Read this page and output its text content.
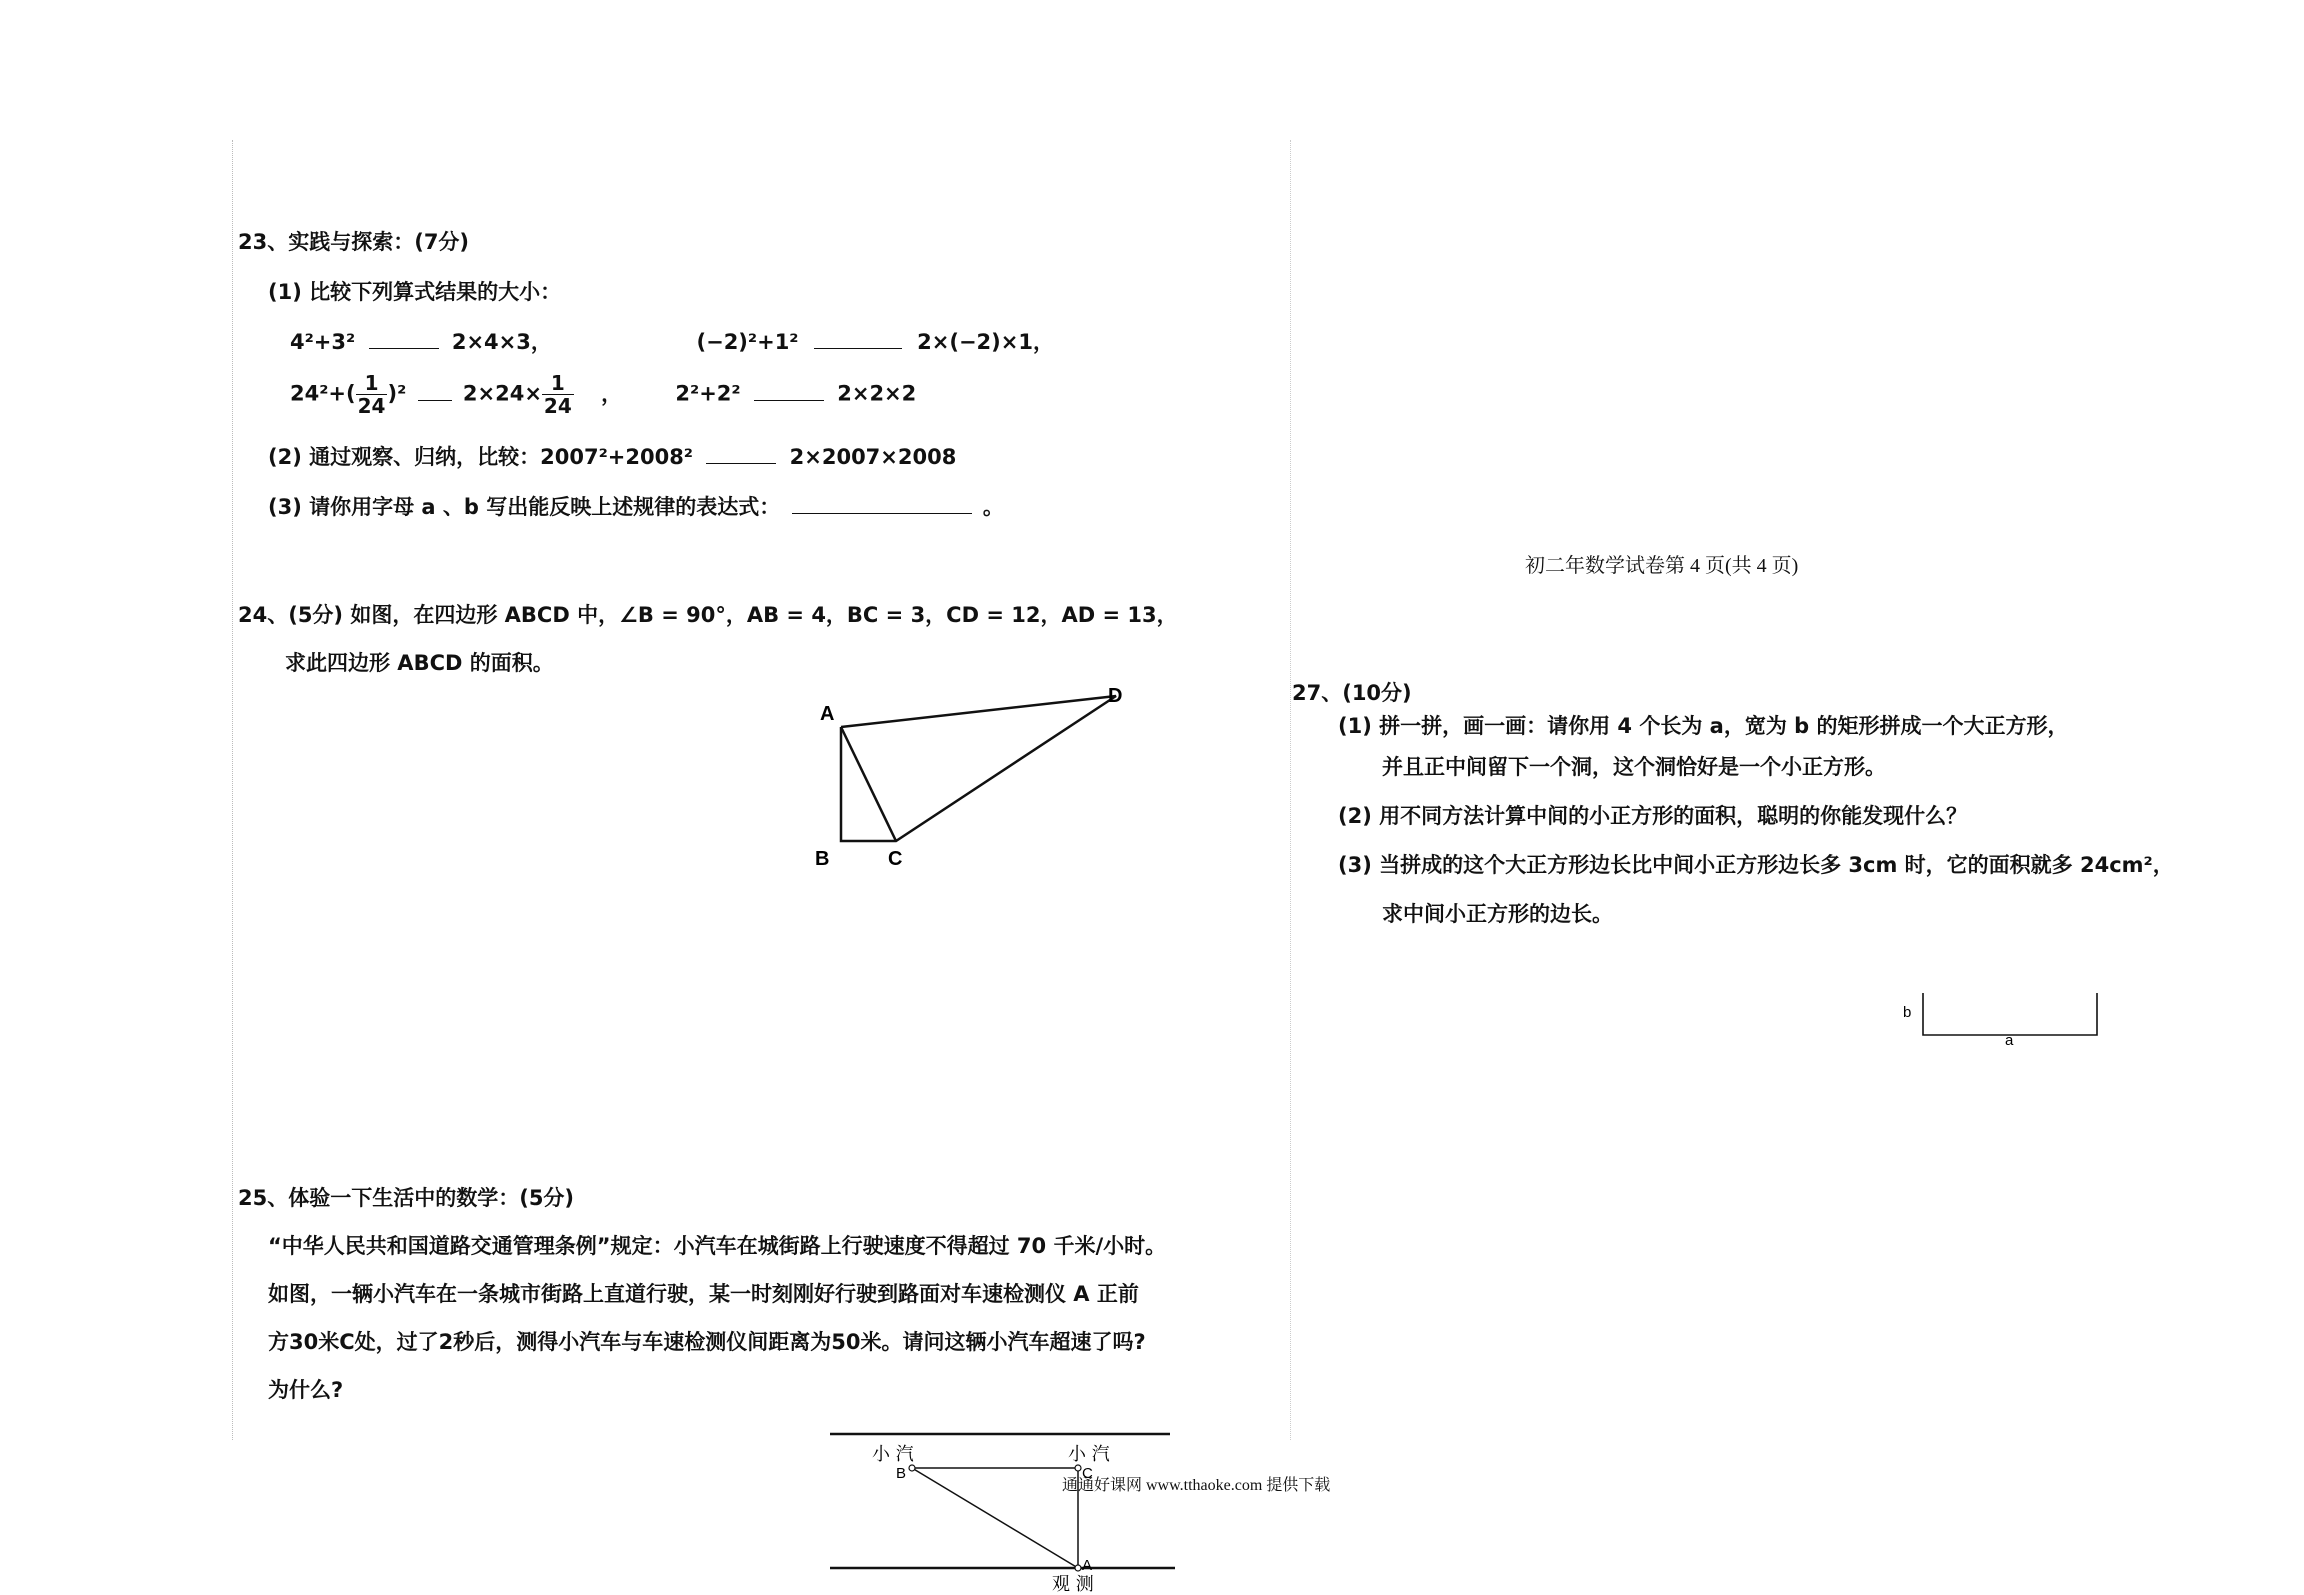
23、实践与探索：(7分)
(1) 比较下列算式结果的大小：
4²+3²	2×4×3，	(−2)²+1²	2×(−2)×1，
$24^2+( \frac{1}{24} )^2$	$2\times 24\times \frac{1}{24}$ ，	2²+2²	2×2×2
(2) 通过观察、归纳，比较：2007²+2008²	2×2007×2008
(3) 请你用字母 a 、b 写出能反映上述规律的表达式：	。
24、(5分) 如图，在四边形 ABCD 中，∠B = 90°，AB = 4，BC = 3，CD = 12，AD = 13，
求此四边形 ABCD 的面积。
A
D
B	C
25、体验一下生活中的数学：(5分)
“中华人民共和国道路交通管理条例”规定：小汽车在城街路上行驶速度不得超过 70 千米/小时。
如图，一辆小汽车在一条城市街路上直道行驶，某一时刻刚好行驶到路面对车速检测仪 A 正前
方30米C处，过了2秒后，测得小汽车与车速检测仪间距离为50米。请问这辆小汽车超速了吗?
为什么?
小 汽	小 汽
B	C
A
观 测
通通好课网 www.tthaoke.com 提供下载
初二年数学试卷第 4 页(共 4 页)
27、(10分)
(1) 拼一拼，画一画：请你用 4 个长为 a，宽为 b 的矩形拼成一个大正方形，
并且正中间留下一个洞，这个洞恰好是一个小正方形。
(2) 用不同方法计算中间的小正方形的面积，聪明的你能发现什么？
(3) 当拼成的这个大正方形边长比中间小正方形边长多 3cm 时，它的面积就多 24cm²，
求中间小正方形的边长。
b
a
